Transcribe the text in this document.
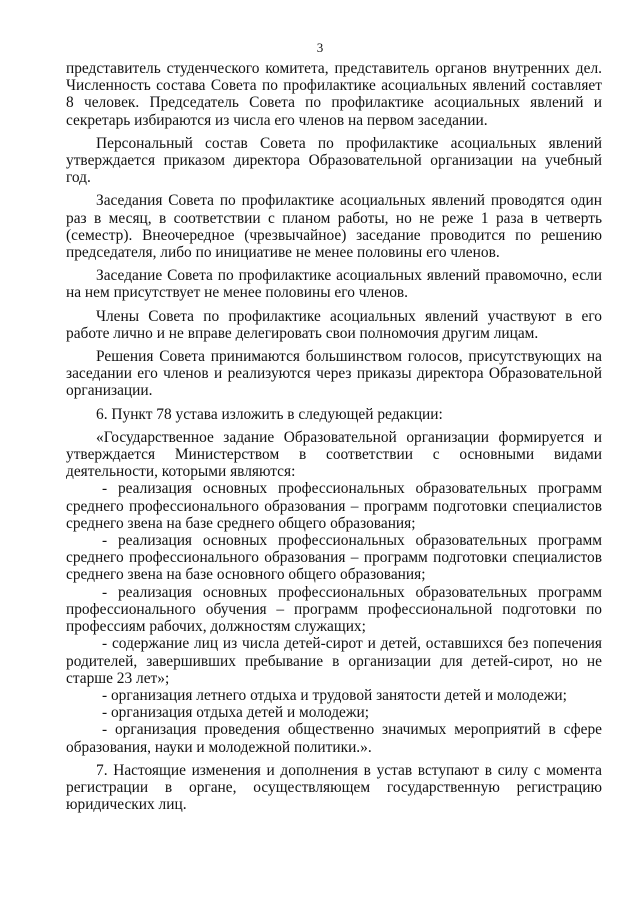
3

представитель студенческого комитета, представитель органов внутренних дел. Численность состава Совета по профилактике асоциальных явлений составляет 8 человек. Председатель Совета по профилактике асоциальных явлений и секретарь избираются из числа его членов на первом заседании.

Персональный состав Совета по профилактике асоциальных явлений утверждается приказом директора Образовательной организации на учебный год.

Заседания Совета по профилактике асоциальных явлений проводятся один раз в месяц, в соответствии с планом работы, но не реже 1 раза в четверть (семестр). Внеочередное (чрезвычайное) заседание проводится по решению председателя, либо по инициативе не менее половины его членов.

Заседание Совета по профилактике асоциальных явлений правомочно, если на нем присутствует не менее половины его членов.

Члены Совета по профилактике асоциальных явлений участвуют в его работе лично и не вправе делегировать свои полномочия другим лицам.

Решения Совета принимаются большинством голосов, присутствующих на заседании его членов и реализуются через приказы директора Образовательной организации.

6. Пункт 78 устава изложить в следующей редакции:

«Государственное задание Образовательной организации формируется и утверждается Министерством в соответствии с основными видами деятельности, которыми являются:

- реализация основных профессиональных образовательных программ среднего профессионального образования – программ подготовки специалистов среднего звена на базе среднего общего образования;

- реализация основных профессиональных образовательных программ среднего профессионального образования – программ подготовки специалистов среднего звена на базе основного общего образования;

- реализация основных профессиональных образовательных программ профессионального обучения – программ профессиональной подготовки по профессиям рабочих, должностям служащих;

- содержание лиц из числа детей-сирот и детей, оставшихся без попечения родителей, завершивших пребывание в организации для детей-сирот, но не старше 23 лет»;

- организация летнего отдыха и трудовой занятости детей и молодежи;

- организация отдыха детей и молодежи;

- организация проведения общественно значимых мероприятий в сфере образования, науки и молодежной политики.».

7. Настоящие изменения и дополнения в устав вступают в силу с момента регистрации в органе, осуществляющем государственную регистрацию юридических лиц.
